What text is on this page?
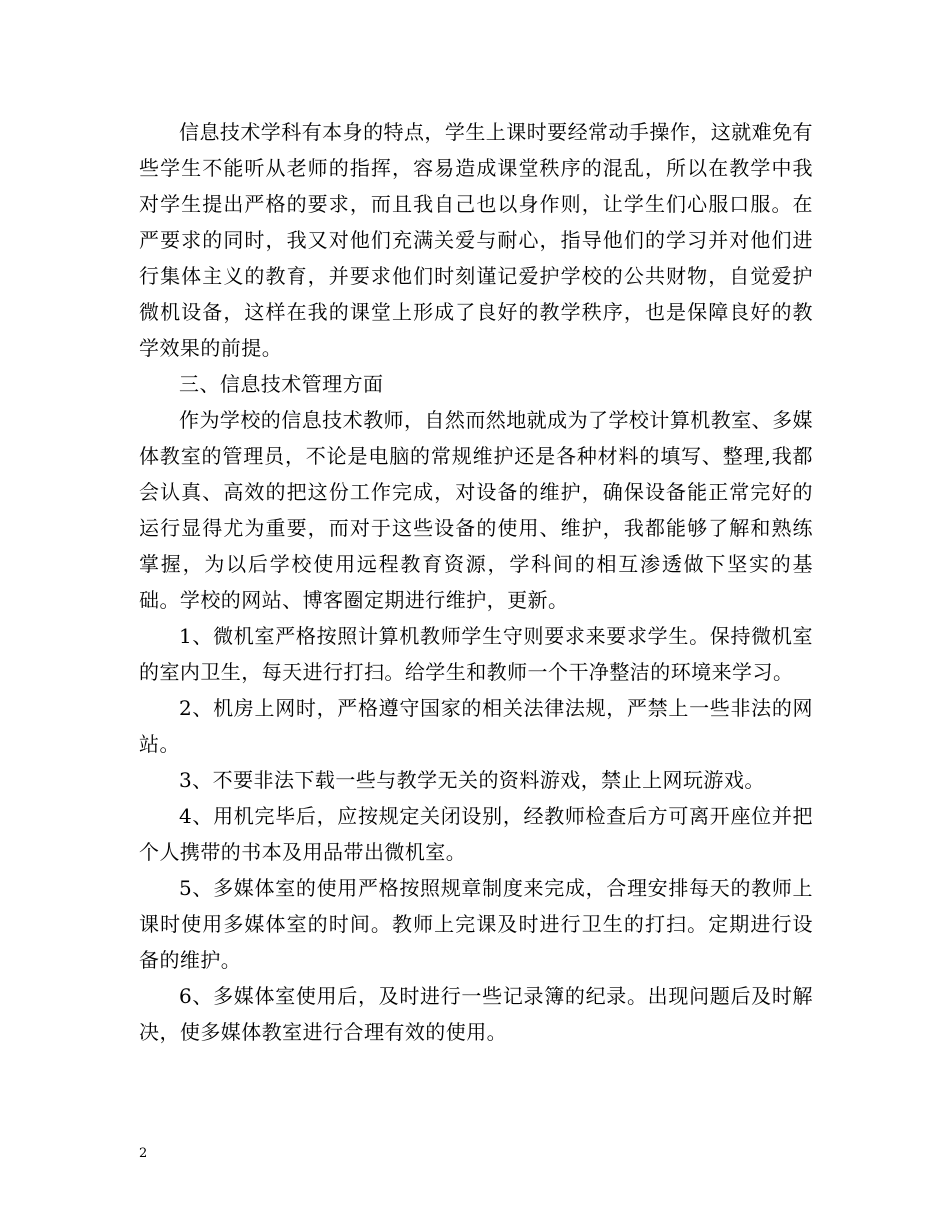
信息技术学科有本身的特点，学生上课时要经常动手操作，这就难免有些学生不能听从老师的指挥，容易造成课堂秩序的混乱，所以在教学中我对学生提出严格的要求，而且我自己也以身作则，让学生们心服口服。在严要求的同时，我又对他们充满关爱与耐心，指导他们的学习并对他们进行集体主义的教育，并要求他们时刻谨记爱护学校的公共财物，自觉爱护微机设备，这样在我的课堂上形成了良好的教学秩序，也是保障良好的教学效果的前提。

三、信息技术管理方面

作为学校的信息技术教师，自然而然地就成为了学校计算机教室、多媒体教室的管理员，不论是电脑的常规维护还是各种材料的填写、整理,我都会认真、高效的把这份工作完成，对设备的维护，确保设备能正常完好的运行显得尤为重要，而对于这些设备的使用、维护，我都能够了解和熟练掌握，为以后学校使用远程教育资源，学科间的相互渗透做下坚实的基础。学校的网站、博客圈定期进行维护，更新。

1、微机室严格按照计算机教师学生守则要求来要求学生。保持微机室的室内卫生，每天进行打扫。给学生和教师一个干净整洁的环境来学习。

2、机房上网时，严格遵守国家的相关法律法规，严禁上一些非法的网站。

3、不要非法下载一些与教学无关的资料游戏，禁止上网玩游戏。

4、用机完毕后，应按规定关闭设别，经教师检查后方可离开座位并把个人携带的书本及用品带出微机室。

5、多媒体室的使用严格按照规章制度来完成，合理安排每天的教师上课时使用多媒体室的时间。教师上完课及时进行卫生的打扫。定期进行设备的维护。

6、多媒体室使用后，及时进行一些记录簿的纪录。出现问题后及时解决，使多媒体教室进行合理有效的使用。

2
